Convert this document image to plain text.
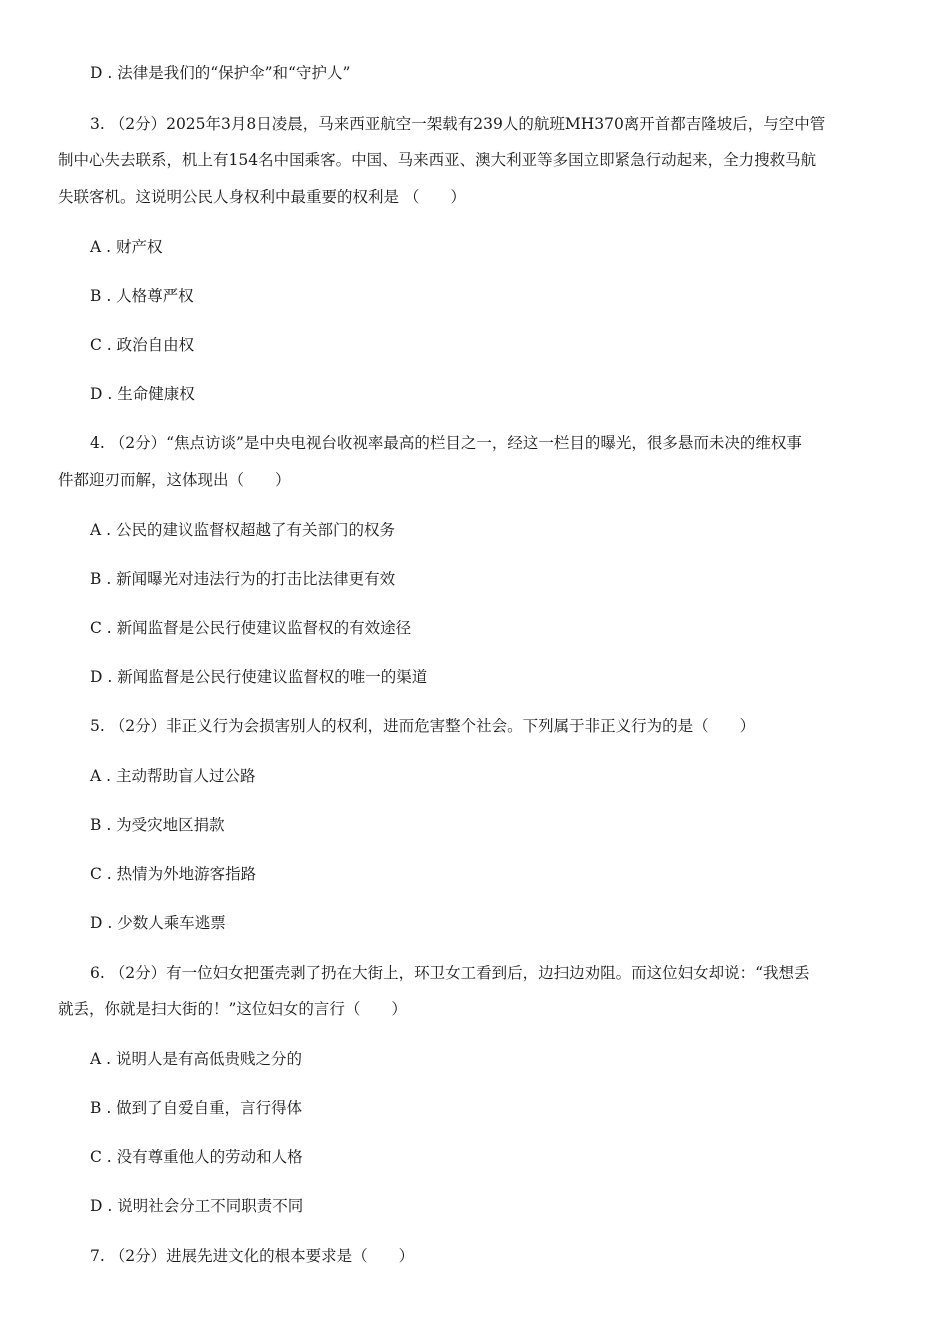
D . 法律是我们的“保护伞”和“守护人”
3. （2分）2025年3月8日凌晨，马来西亚航空一架载有239人的航班MH370离开首都吉隆坡后，与空中管
制中心失去联系，机上有154名中国乘客。中国、马来西亚、澳大利亚等多国立即紧急行动起来，全力搜救马航
失联客机。这说明公民人身权利中最重要的权利是 （　　）
A . 财产权
B . 人格尊严权
C . 政治自由权
D . 生命健康权
4. （2分）“焦点访谈”是中央电视台收视率最高的栏目之一，经这一栏目的曝光，很多悬而未决的维权事
件都迎刃而解，这体现出（　　）
A . 公民的建议监督权超越了有关部门的权务
B . 新闻曝光对违法行为的打击比法律更有效
C . 新闻监督是公民行使建议监督权的有效途径
D . 新闻监督是公民行使建议监督权的唯一的渠道
5. （2分）非正义行为会损害别人的权利，进而危害整个社会。下列属于非正义行为的是（　　）
A . 主动帮助盲人过公路
B . 为受灾地区捐款
C . 热情为外地游客指路
D . 少数人乘车逃票
6. （2分）有一位妇女把蛋壳剥了扔在大街上，环卫女工看到后，边扫边劝阻。而这位妇女却说：“我想丢
就丢，你就是扫大街的！”这位妇女的言行（　　）
A . 说明人是有高低贵贱之分的
B . 做到了自爱自重，言行得体
C . 没有尊重他人的劳动和人格
D . 说明社会分工不同职责不同
7. （2分）进展先进文化的根本要求是（　　）
